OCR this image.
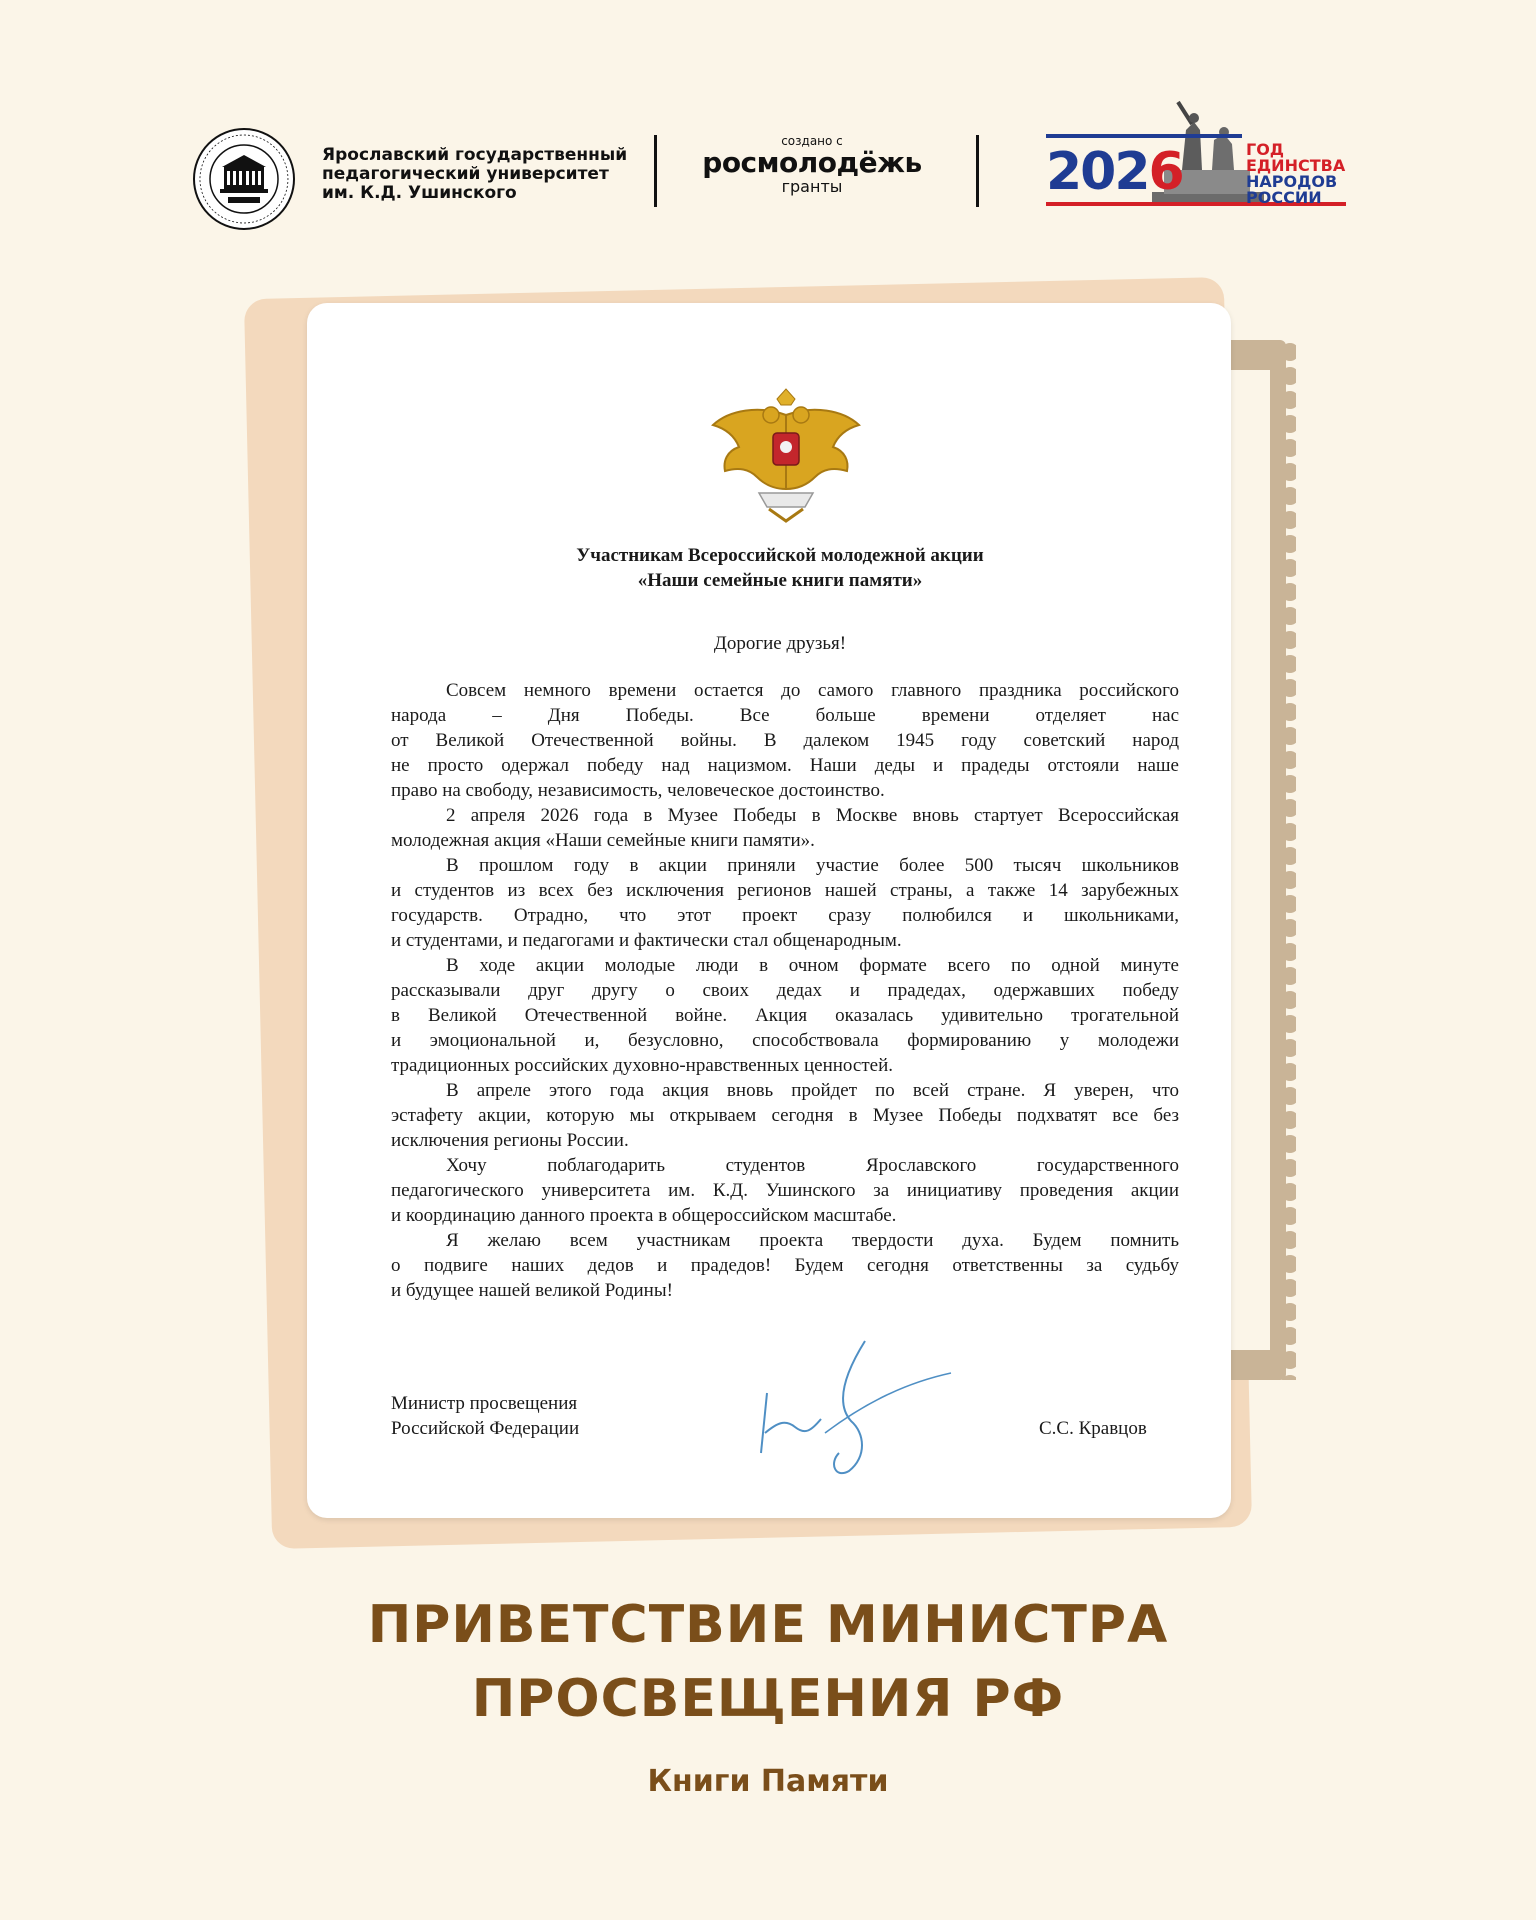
Ярославский государственный
педагогический университет
им. К.Д. Ушинского
создано с
росмолодёжь
гранты	2026	ГОД
ЕДИНСТВА
НАРОДОВ
РОССИИ
Участникам Всероссийской молодежной акции
«Наши семейные книги памяти»
Дорогие друзья!
Совсем немного времени остается до самого главного праздника российского
народа – Дня Победы. Все больше времени отделяет нас
от Великой Отечественной войны. В далеком 1945 году советский народ
не просто одержал победу над нацизмом. Наши деды и прадеды отстояли наше
право на свободу, независимость, человеческое достоинство.
2 апреля 2026 года в Музее Победы в Москве вновь стартует Всероссийская
молодежная акция «Наши семейные книги памяти».
В прошлом году в акции приняли участие более 500 тысяч школьников
и студентов из всех без исключения регионов нашей страны, а также 14 зарубежных
государств. Отрадно, что этот проект сразу полюбился и школьниками,
и студентами, и педагогами и фактически стал общенародным.
В ходе акции молодые люди в очном формате всего по одной минуте
рассказывали друг другу о своих дедах и прадедах, одержавших победу
в Великой Отечественной войне. Акция оказалась удивительно трогательной
и эмоциональной и, безусловно, способствовала формированию у молодежи
традиционных российских духовно-нравственных ценностей.
В апреле этого года акция вновь пройдет по всей стране. Я уверен, что
эстафету акции, которую мы открываем сегодня в Музее Победы подхватят все без
исключения регионы России.
Хочу поблагодарить студентов Ярославского государственного
педагогического университета им. К.Д. Ушинского за инициативу проведения акции
и координацию данного проекта в общероссийском масштабе.
Я желаю всем участникам проекта твердости духа. Будем помнить
о подвиге наших дедов и прадедов! Будем сегодня ответственны за судьбу
и будущее нашей великой Родины!
Министр просвещения
Российской Федерации	С.С. Кравцов
ПРИВЕТСТВИЕ МИНИСТРА
ПРОСВЕЩЕНИЯ РФ
Книги Памяти
